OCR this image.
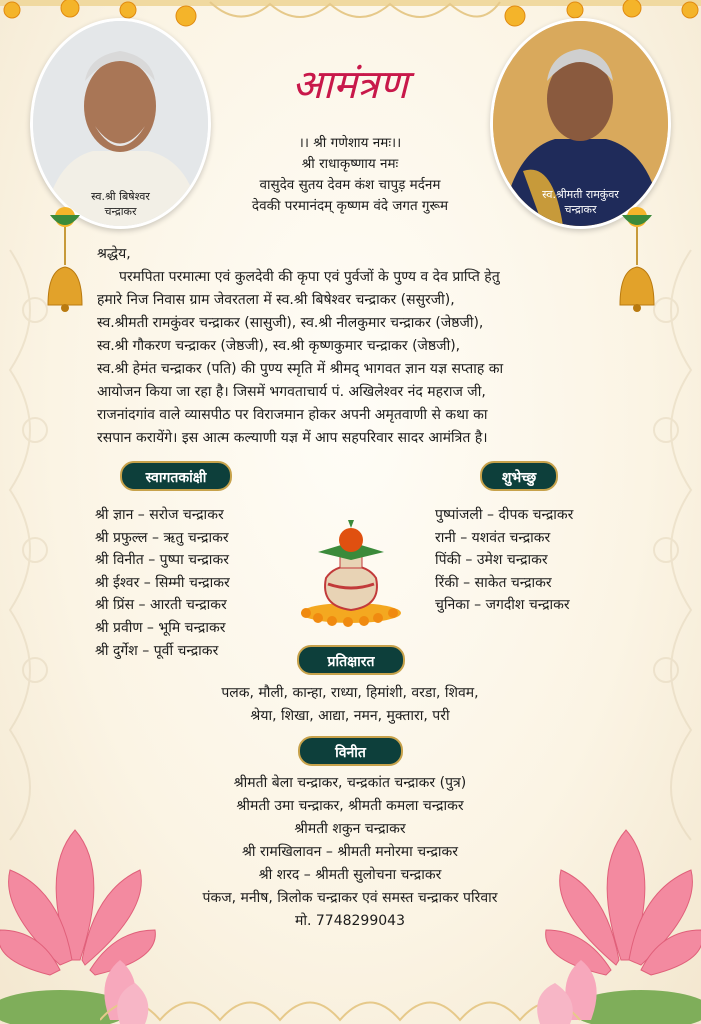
स्व.श्री बिषेश्वर
चन्द्राकर
स्व.श्रीमती रामकुंवर
चन्द्राकर
आमंत्रण
।। श्री गणेशाय नमः।।
श्री राधाकृष्णाय नमः
वासुदेव सुतय देवम कंश चापुड़ मर्दनम
देवकी परमानंदम् कृष्णम वंदे जगत गुरूम

श्रद्धेय,

परमपिता परमात्मा एवं कुलदेवी की कृपा एवं पुर्वजों के पुण्य व देव प्राप्ति हेतु

हमारे निज निवास ग्राम जेवरतला में स्व.श्री बिषेश्वर चन्द्राकर (ससुरजी),

स्व.श्रीमती रामकुंवर चन्द्राकर (सासुजी), स्व.श्री नीलकुमार चन्द्राकर (जेष्ठजी),

स्व.श्री गौकरण चन्द्राकर (जेष्ठजी), स्व.श्री कृष्णकुमार चन्द्राकर (जेष्ठजी),

स्व.श्री हेमंत चन्द्राकर (पति) की पुण्य स्मृति में श्रीमद् भागवत ज्ञान यज्ञ सप्ताह का

आयोजन किया जा रहा है। जिसमें भगवताचार्य पं. अखिलेश्वर नंद महराज जी,

राजनांदगांव वाले व्यासपीठ पर विराजमान होकर अपनी अमृतवाणी से कथा का

रसपान करायेंगे। इस आत्म कल्याणी यज्ञ में आप सहपरिवार सादर आमंत्रित है।

स्वागतकांक्षी	शुभेच्छु
श्री ज्ञान – सरोज चन्द्राकर
श्री प्रफुल्ल – ऋतु चन्द्राकर
श्री विनीत – पुष्पा चन्द्राकर
श्री ईश्वर – सिम्मी चन्द्राकर
श्री प्रिंस – आरती चन्द्राकर
श्री प्रवीण – भूमि चन्द्राकर
श्री दुर्गेश – पूर्वी चन्द्राकर
पुष्पांजली – दीपक चन्द्राकर
रानी – यशवंत चन्द्राकर
पिंकी – उमेश चन्द्राकर
रिंकी – साकेत चन्द्राकर
चुनिका – जगदीश चन्द्राकर
प्रतिक्षारत
पलक, मौली, कान्हा, राध्या, हिमांशी, वरडा, शिवम,
श्रेया, शिखा, आद्या, नमन, मुक्तारा, परी
विनीत
श्रीमती बेला चन्द्राकर, चन्द्रकांत चन्द्राकर (पुत्र)
श्रीमती उमा चन्द्राकर, श्रीमती कमला चन्द्राकर
श्रीमती शकुन चन्द्राकर
श्री रामखिलावन – श्रीमती मनोरमा चन्द्राकर
श्री शरद – श्रीमती सुलोचना चन्द्राकर
पंकज, मनीष, त्रिलोक चन्द्राकर एवं समस्त चन्द्राकर परिवार
मो. 7748299043
